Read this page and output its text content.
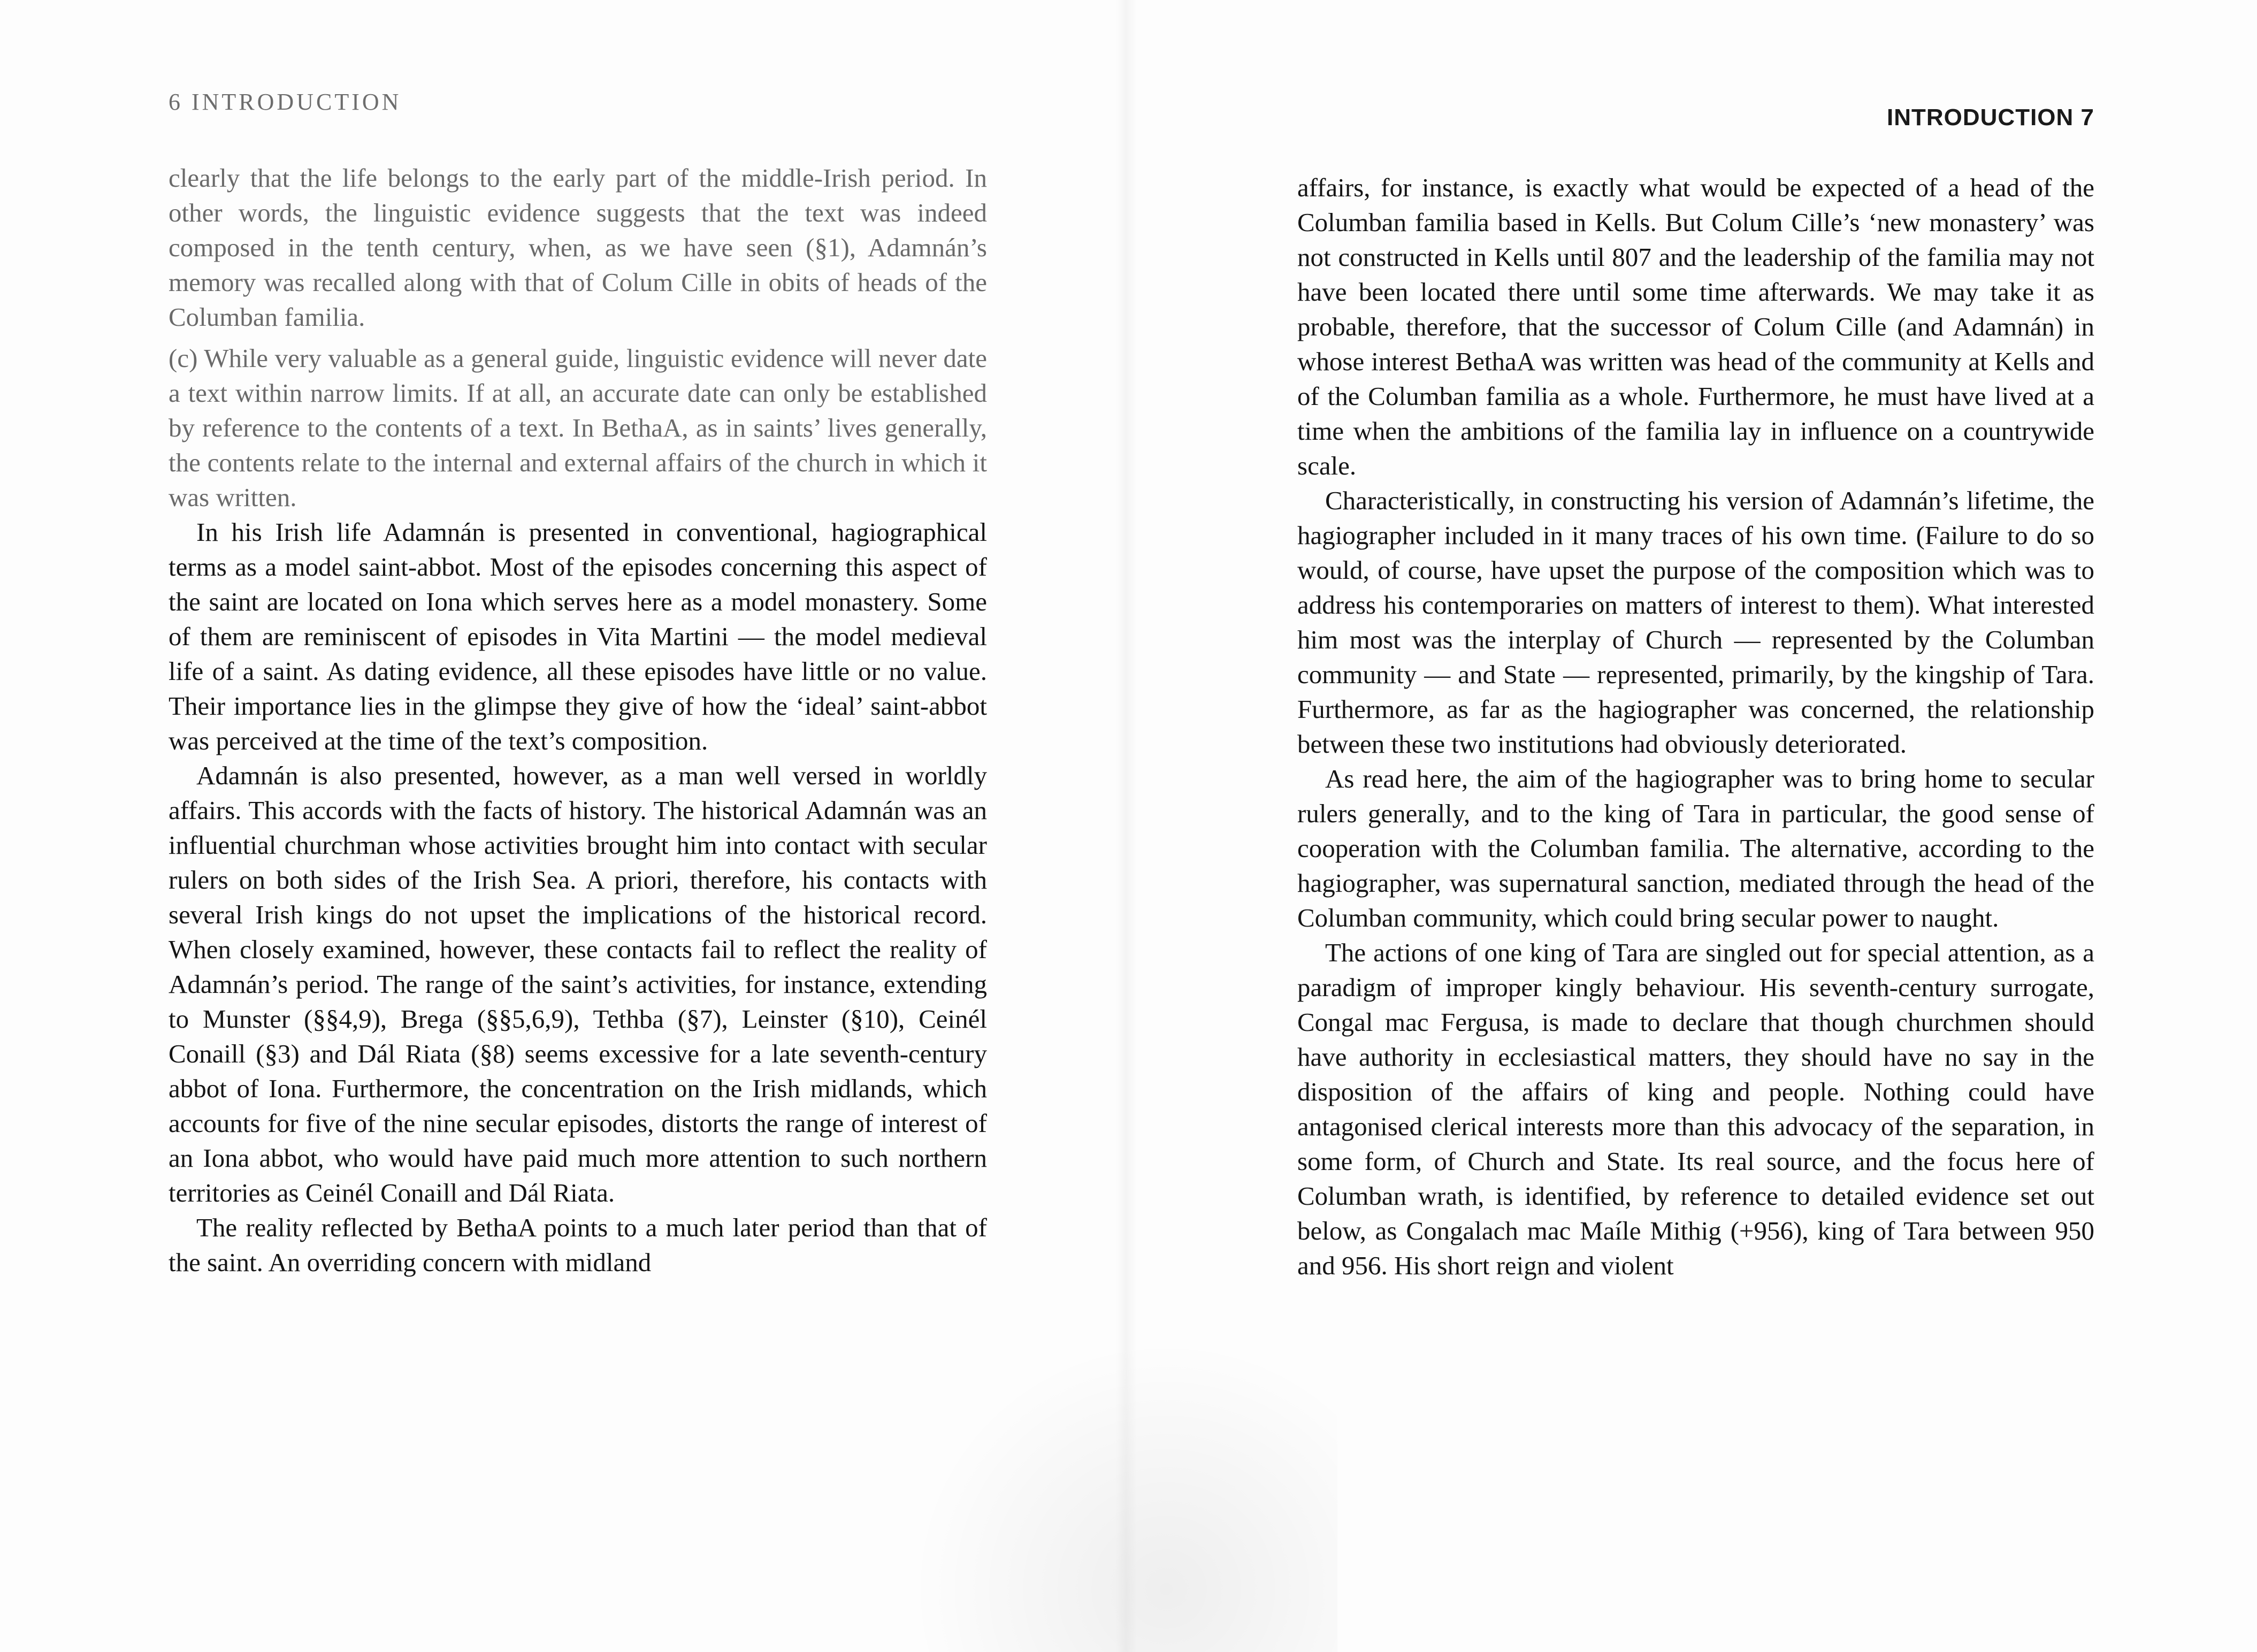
6 INTRODUCTION

clearly that the life belongs to the early part of the middle-Irish period. In other words, the linguistic evidence suggests that the text was indeed composed in the tenth century, when, as we have seen (§1), Adamnán’s memory was recalled along with that of Colum Cille in obits of heads of the Columban familia.

(c) While very valuable as a general guide, linguistic evidence will never date a text within narrow limits. If at all, an accurate date can only be established by reference to the contents of a text. In BethaA, as in saints’ lives generally, the contents relate to the internal and external affairs of the church in which it was written.

In his Irish life Adamnán is presented in conventional, hagiographical terms as a model saint-abbot. Most of the episodes concerning this aspect of the saint are located on Iona which serves here as a model monastery. Some of them are reminiscent of episodes in Vita Martini — the model medieval life of a saint. As dating evidence, all these episodes have little or no value. Their importance lies in the glimpse they give of how the ‘ideal’ saint-abbot was perceived at the time of the text’s composition.

Adamnán is also presented, however, as a man well versed in worldly affairs. This accords with the facts of history. The historical Adamnán was an influential churchman whose activities brought him into contact with secular rulers on both sides of the Irish Sea. A priori, therefore, his contacts with several Irish kings do not upset the implications of the historical record. When closely examined, however, these contacts fail to reflect the reality of Adamnán’s period. The range of the saint’s activities, for instance, extending to Munster (§§4,9), Brega (§§5,6,9), Tethba (§7), Leinster (§10), Ceinél Conaill (§3) and Dál Riata (§8) seems excessive for a late seventh-century abbot of Iona. Furthermore, the concentration on the Irish midlands, which accounts for five of the nine secular episodes, distorts the range of interest of an Iona abbot, who would have paid much more attention to such northern territories as Ceinél Conaill and Dál Riata.

The reality reflected by BethaA points to a much later period than that of the saint. An overriding concern with midland

INTRODUCTION 7

affairs, for instance, is exactly what would be expected of a head of the Columban familia based in Kells. But Colum Cille’s ‘new monastery’ was not constructed in Kells until 807 and the leadership of the familia may not have been located there until some time afterwards. We may take it as probable, therefore, that the successor of Colum Cille (and Adamnán) in whose interest BethaA was written was head of the community at Kells and of the Columban familia as a whole. Furthermore, he must have lived at a time when the ambitions of the familia lay in influence on a countrywide scale.

Characteristically, in constructing his version of Adamnán’s lifetime, the hagiographer included in it many traces of his own time. (Failure to do so would, of course, have upset the purpose of the composition which was to address his contemporaries on matters of interest to them). What interested him most was the interplay of Church — represented by the Columban community — and State — represented, primarily, by the kingship of Tara. Furthermore, as far as the hagiographer was concerned, the relationship between these two institutions had obviously deteriorated.

As read here, the aim of the hagiographer was to bring home to secular rulers generally, and to the king of Tara in particular, the good sense of cooperation with the Columban familia. The alternative, according to the hagiographer, was supernatural sanction, mediated through the head of the Columban community, which could bring secular power to naught.

The actions of one king of Tara are singled out for special attention, as a paradigm of improper kingly behaviour. His seventh-century surrogate, Congal mac Fergusa, is made to declare that though churchmen should have authority in ecclesiastical matters, they should have no say in the disposition of the affairs of king and people. Nothing could have antagonised clerical interests more than this advocacy of the separation, in some form, of Church and State. Its real source, and the focus here of Columban wrath, is identified, by reference to detailed evidence set out below, as Congalach mac Maíle Mithig (+956), king of Tara between 950 and 956. His short reign and violent
